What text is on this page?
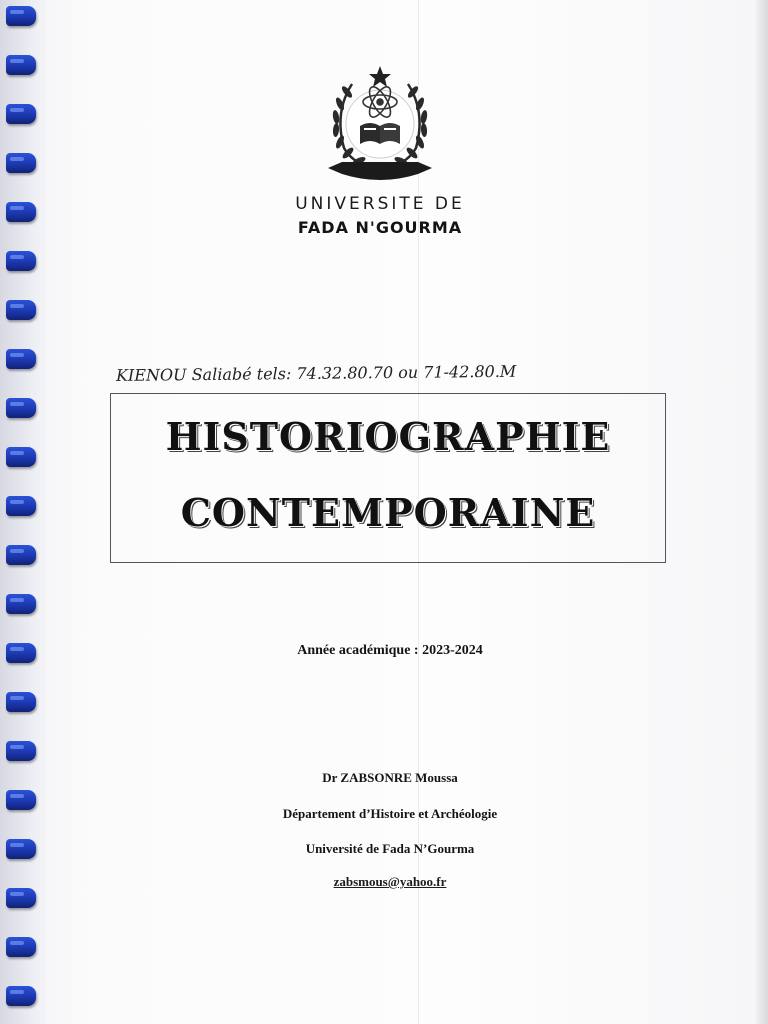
UNIVERSITE DE
FADA N'GOURMA
KIENOU Saliabé tels: 74.32.80.70 ou 71-42.80.M
HISTORIOGRAPHIE
CONTEMPORAINE
Année académique : 2023-2024
Dr ZABSONRE Moussa
Département d’Histoire et Archéologie
Université de Fada N’Gourma
zabsmous@yahoo.fr
